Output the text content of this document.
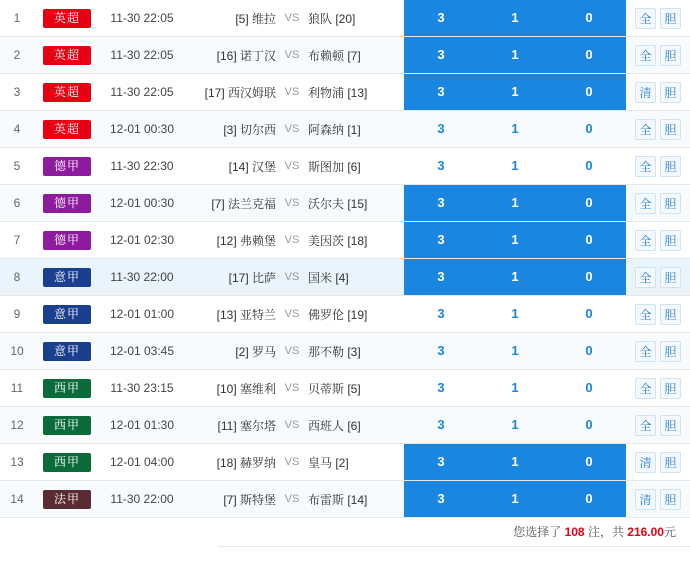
1	英超	11-30 22:05	[5] 维拉	VS	狼队 [20]	3	1	0	全 胆
2	英超	11-30 22:05	[16] 诺丁汉	VS	布赖顿 [7]	3	1	0	全 胆
3	英超	11-30 22:05	[17] 西汉姆联	VS	利物浦 [13]	3	1	0	清 胆
4	英超	12-01 00:30	[3] 切尔西	VS	阿森纳 [1]	3	1	0	全 胆
5	德甲	11-30 22:30	[14] 汉堡	VS	斯图加 [6]	3	1	0	全 胆
6	德甲	12-01 00:30	[7] 法兰克福	VS	沃尔夫 [15]	3	1	0	全 胆
7	德甲	12-01 02:30	[12] 弗赖堡	VS	美因茨 [18]	3	1	0	全 胆
8	意甲	11-30 22:00	[17] 比萨	VS	国米 [4]	3	1	0	全 胆
9	意甲	12-01 01:00	[13] 亚特兰	VS	佛罗伦 [19]	3	1	0	全 胆
10	意甲	12-01 03:45	[2] 罗马	VS	那不勒 [3]	3	1	0	全 胆
11	西甲	11-30 23:15	[10] 塞维利	VS	贝蒂斯 [5]	3	1	0	全 胆
12	西甲	12-01 01:30	[11] 塞尔塔	VS	西班人 [6]	3	1	0	全 胆
13	西甲	12-01 04:00	[18] 赫罗纳	VS	皇马 [2]	3	1	0	清 胆
14	法甲	11-30 22:00	[7] 斯特堡	VS	布雷斯 [14]	3	1	0	清 胆
您选择了 108 注，共 216.00元
